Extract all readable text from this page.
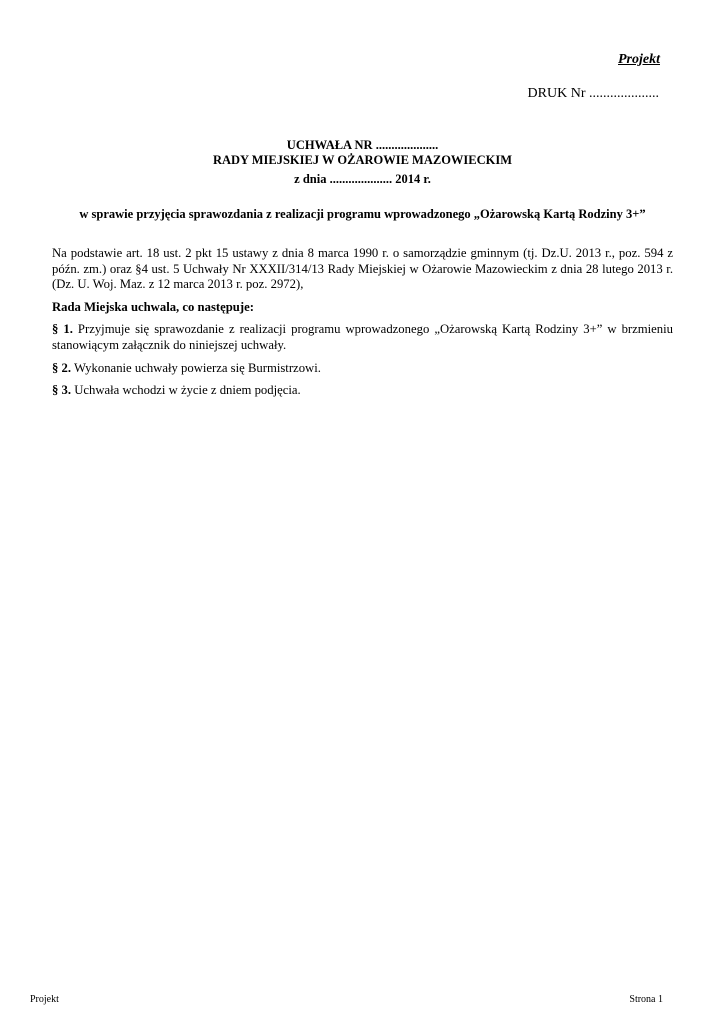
Projekt
DRUK Nr ....................
UCHWAŁA NR ....................
RADY MIEJSKIEJ W OŻAROWIE MAZOWIECKIM
z dnia .................... 2014 r.
w sprawie przyjęcia sprawozdania z realizacji programu wprowadzonego „Ożarowską Kartą Rodziny 3+”

Na podstawie art. 18 ust. 2 pkt 15 ustawy z dnia 8 marca 1990 r. o samorządzie gminnym (tj. Dz.U. 2013 r., poz. 594 z późn. zm.) oraz §4 ust. 5 Uchwały Nr XXXII/314/13 Rady Miejskiej w Ożarowie Mazowieckim z dnia 28 lutego 2013 r. (Dz. U. Woj. Maz. z 12 marca 2013 r. poz. 2972),

Rada Miejska uchwala, co następuje:

§ 1. Przyjmuje się sprawozdanie z realizacji programu wprowadzonego „Ożarowską Kartą Rodziny 3+” w brzmieniu stanowiącym załącznik do niniejszej uchwały.

§ 2. Wykonanie uchwały powierza się Burmistrzowi.

§ 3. Uchwała wchodzi w życie z dniem podjęcia.

Projekt	Strona 1
